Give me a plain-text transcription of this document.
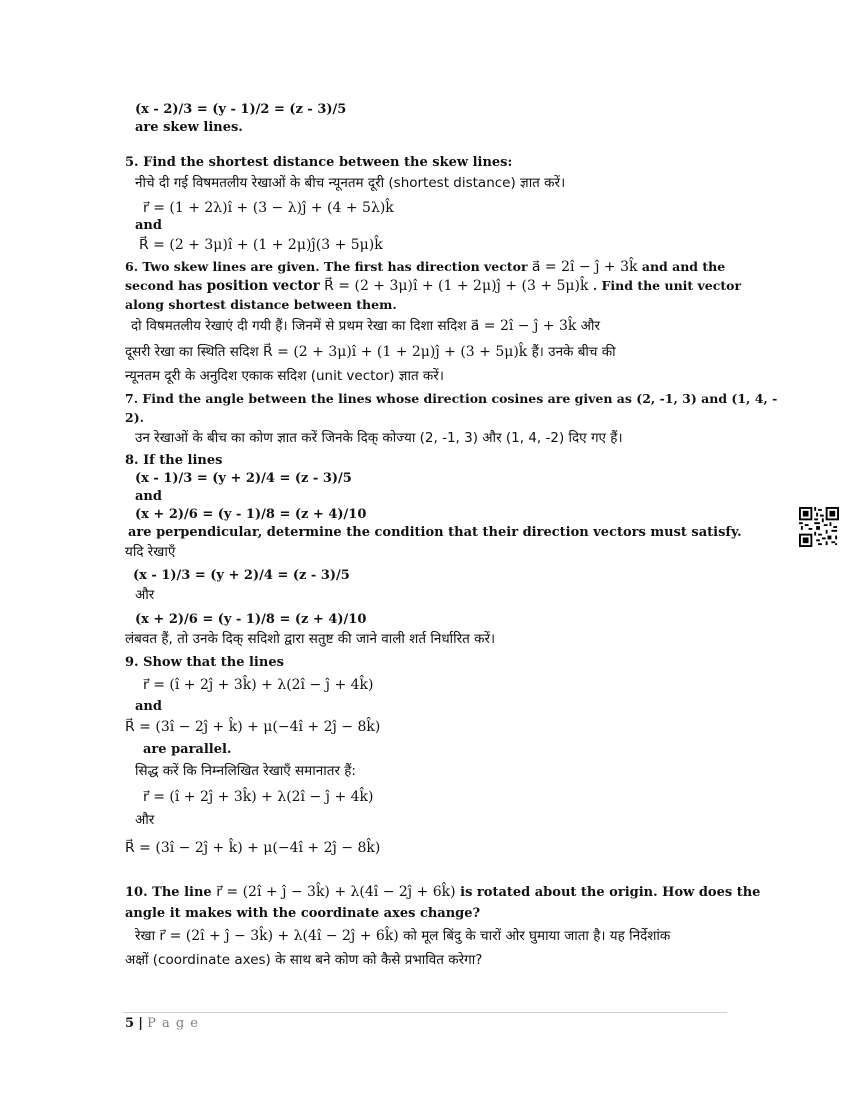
(x - 2)/3 = (y - 1)/2 = (z - 3)/5
are skew lines.
5. Find the shortest distance between the skew lines:
नीचे दी गई विषमतलीय रेखाओं के बीच न्यूनतम दूरी (shortest distance) ज्ञात करें।
r⃗ = (1 + 2λ)î + (3 − λ)ĵ + (4 + 5λ)k̂
and
R⃗ = (2 + 3μ)î + (1 + 2μ)ĵ(3 + 5μ)k̂
6. Two skew lines are given. The first has direction vector a⃗ = 2î − ĵ + 3k̂ and and the
second has position vector R⃗ = (2 + 3μ)î + (1 + 2μ)ĵ + (3 + 5μ)k̂ . Find the unit vector
along shortest distance between them.
दो विषमतलीय रेखाएं दी गयी हैं। जिनमें से प्रथम रेखा का दिशा सदिश a⃗ = 2î − ĵ + 3k̂ और
दूसरी रेखा का स्थिति सदिश R⃗ = (2 + 3μ)î + (1 + 2μ)ĵ + (3 + 5μ)k̂ हैं। उनके बीच की
न्यूनतम दूरी के अनुदिश एकाक सदिश (unit vector) ज्ञात करें।
7. Find the angle between the lines whose direction cosines are given as (2, -1, 3) and (1, 4, -
2).
उन रेखाओं के बीच का कोण ज्ञात करें जिनके दिक् कोज्या (2, -1, 3) और (1, 4, -2) दिए गए हैं।
8. If the lines
(x - 1)/3 = (y + 2)/4 = (z - 3)/5
and
(x + 2)/6 = (y - 1)/8 = (z + 4)/10
are perpendicular, determine the condition that their direction vectors must satisfy.
यदि रेखाएँ
(x - 1)/3 = (y + 2)/4 = (z - 3)/5
और
(x + 2)/6 = (y - 1)/8 = (z + 4)/10
लंबवत हैं, तो उनके दिक् सदिशो द्वारा सतुष्ट की जाने वाली शर्त निर्धारित करें।
9. Show that the lines
r⃗ = (î + 2ĵ + 3k̂) + λ(2î − ĵ + 4k̂)
and
R⃗ = (3î − 2ĵ + k̂) + μ(−4î + 2ĵ − 8k̂)
are parallel.
सिद्ध करें कि निम्नलिखित रेखाएँ समानातर हैं:
r⃗ = (î + 2ĵ + 3k̂) + λ(2î − ĵ + 4k̂)
और
R⃗ = (3î − 2ĵ + k̂) + μ(−4î + 2ĵ − 8k̂)
10. The line r⃗ = (2î + ĵ − 3k̂) + λ(4î − 2ĵ + 6k̂) is rotated about the origin. How does the
angle it makes with the coordinate axes change?
रेखा r⃗ = (2î + ĵ − 3k̂) + λ(4î − 2ĵ + 6k̂) को मूल बिंदु के चारों ओर घुमाया जाता है। यह निर्देशांक
अक्षों (coordinate axes) के साथ बने कोण को कैसे प्रभावित करेगा?
5 | P a g e
